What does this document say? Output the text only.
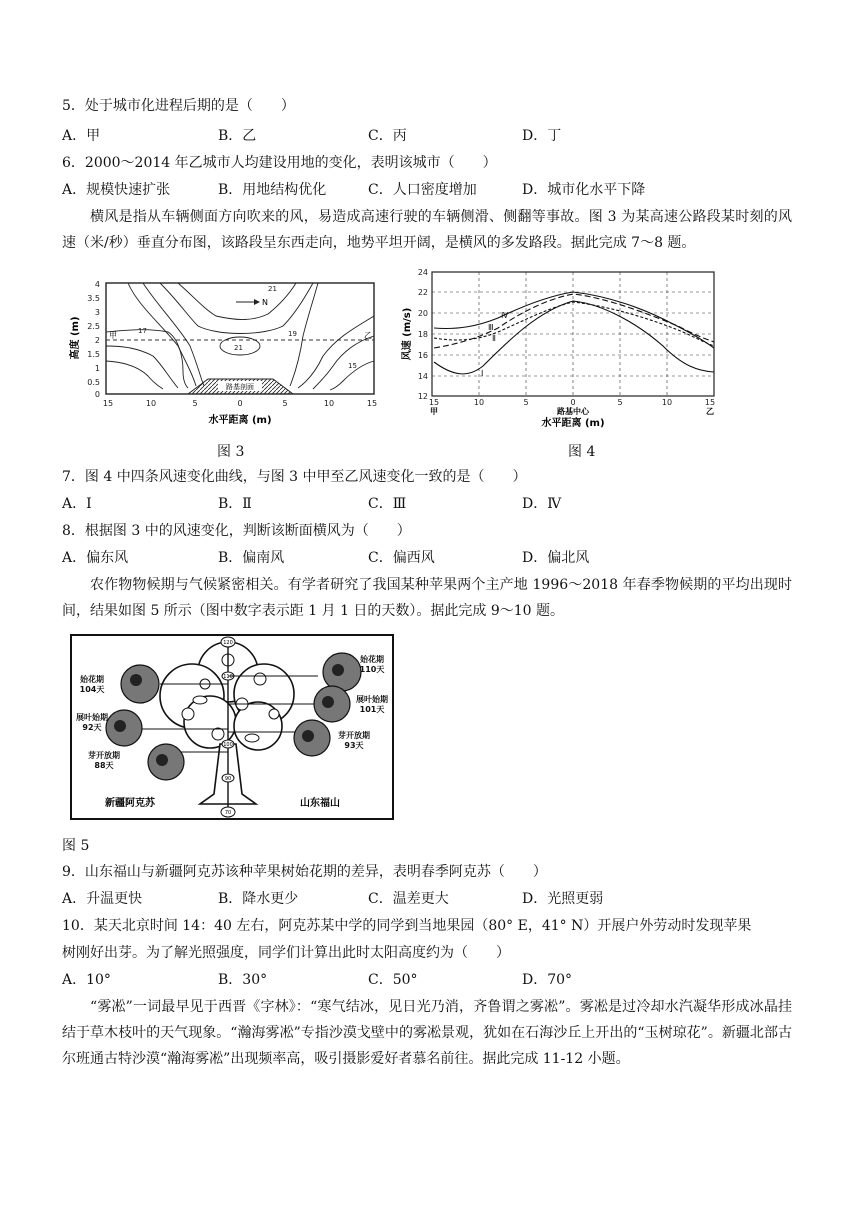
5．处于城市化进程后期的是（　　）
A．甲	B．乙	C．丙	D．丁
6．2000～2014 年乙城市人均建设用地的变化，表明该城市（　　）
A．规模快速扩张	B．用地结构优化	C．人口密度增加	D．城市化水平下降

横风是指从车辆侧面方向吹来的风，易造成高速行驶的车辆侧滑、侧翻等事故。图 3 为某高速公路段某时刻的风速（米/秒）垂直分布图，该路段呈东西走向，地势平坦开阔，是横风的多发路段。据此完成 7～8 题。

4
3.5
3
2.5
2
1.5
1
0.5
0
15	10	5	0	5	10	15
水平距离 (m)
高度 (m)	甲	乙
21
17	19
21
15
N
路基剖面
图 3
24
22
20
18
16
14
12
15	10	5	0	5	10	15
甲	乙
路基中心
水平距离 (m)
风速 (m/s)
Ⅰ
Ⅱ
Ⅲ
Ⅳ
图 4
7．图 4 中四条风速变化曲线，与图 3 中甲至乙风速变化一致的是（　　）
A．Ⅰ	B．Ⅱ	C．Ⅲ	D．Ⅳ
8．根据图 3 中的风速变化，判断该断面横风为（　　）
A．偏东风	B．偏南风	C．偏西风	D．偏北风

农作物物候期与气候紧密相关。有学者研究了我国某种苹果两个主产地 1996～2018 年春季物候期的平均出现时间，结果如图 5 所示（图中数字表示距 1 月 1 日的天数）。据此完成 9～10 题。

120
70
110
100
90
始花期
104天
展叶始期
92天
芽开放期
88天
始花期
110天
展叶始期
101天
芽开放期
93天
新疆阿克苏	山东福山
图 5
9．山东福山与新疆阿克苏该种苹果树始花期的差异，表明春季阿克苏（　　）
A．升温更快	B．降水更少	C．温差更大	D．光照更弱
10．某天北京时间 14：40 左右，阿克苏某中学的同学到当地果园（80° E，41° N）开展户外劳动时发现苹果
树刚好出芽。为了解光照强度，同学们计算出此时太阳高度约为（　　）
A．10°	B．30°	C．50°	D．70°

“雾凇”一词最早见于西晋《字林》：“寒气结冰，见日光乃消，齐鲁谓之雾凇”。雾凇是过冷却水汽凝华形成冰晶挂结于草木枝叶的天气现象。“瀚海雾凇”专指沙漠戈壁中的雾凇景观，犹如在石海沙丘上开出的“玉树琼花”。新疆北部古尔班通古特沙漠“瀚海雾凇”出现频率高，吸引摄影爱好者慕名前往。据此完成 11-12 小题。
